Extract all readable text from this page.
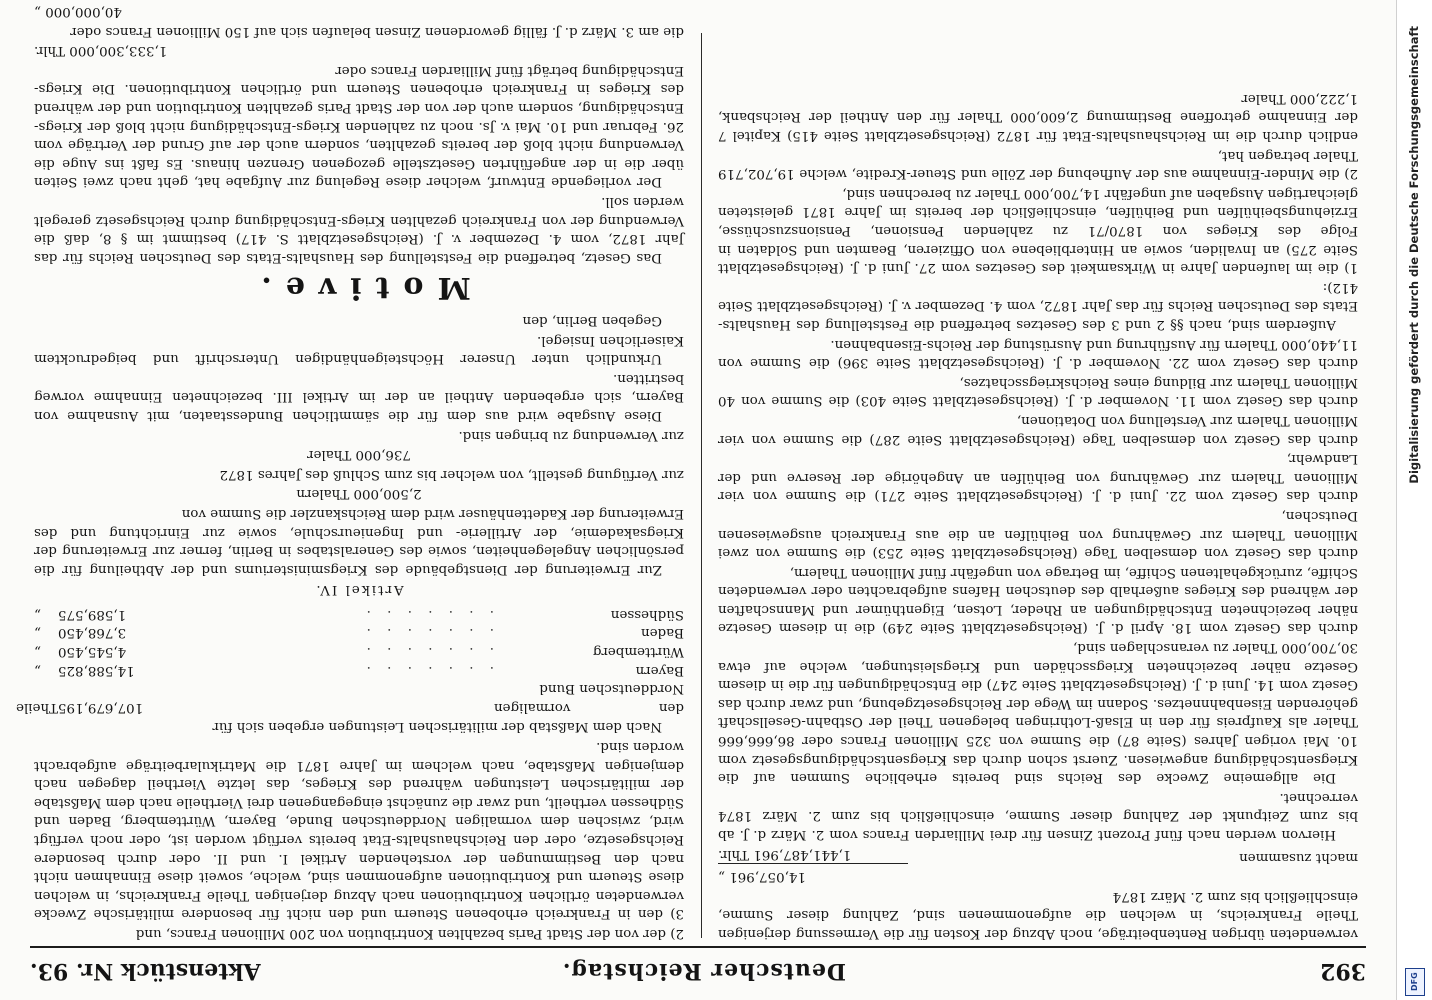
392
Deutscher Reichstag.
Aktenstück Nr. 93.

2) der von der Stadt Paris bezahlten Kontribution von 200 Millionen Francs, und

3) den in Frankreich erhobenen Steuern und den nicht für besondere militärische Zwecke verwendeten örtlichen Kontributionen nach Abzug derjenigen Theile Frankreichs, in welchen diese Steuern und Kontributionen aufgenommen sind, welche, soweit diese Einnahmen nicht nach den Bestimmungen der vorstehenden Artikel I. und II. oder durch besondere Reichsgesetze, oder den Reichshaushalts-Etat bereits verfügt worden ist, oder noch verfügt wird, zwischen dem vormaligen Norddeutschen Bunde, Bayern, Württemberg, Baden und Südhessen vertheilt, und zwar die zunächst eingegangenen drei Viertheile nach dem Maßstabe der militärischen Leistungen während des Krieges, das letzte Viertheil dagegen nach demjenigen Maßstabe, nach welchem im Jahre 1871 die Matrikularbeiträge aufgebracht worden sind.

Nach dem Maßstab der militärischen Leistungen ergeben sich für

den vormaligen Norddeutschen Bund
107,679,195
Theile
Bayern
. . . . . . .
14,588,825
„
Württemberg
. . . . . . .
4,545,450
„
Baden
. . . . . . .
3,768,450
„
Südhessen
. . . . . . .
1,589,575
„

Artikel IV.

Zur Erweiterung der Dienstgebäude des Kriegsministeriums und der Abtheilung für die persönlichen Angelegenheiten, sowie des Generalstabes in Berlin, ferner zur Erweiterung der Kriegsakademie, der Artillerie- und Ingenieurschule, sowie zur Einrichtung und des Erweiterung der Kadettenhäuser wird dem Reichskanzler die Summe von

2,500,000 Thalern

zur Verfügung gestellt, von welcher bis zum Schluß des Jahres 1872

736,000 Thaler

zur Verwendung zu bringen sind.

Diese Ausgabe wird aus dem für die sämmtlichen Bundesstaaten, mit Ausnahme von Bayern, sich ergebenden Antheil an der im Artikel III. bezeichneten Einnahme vorweg bestritten.

Urkundlich unter Unserer Höchsteigenhändigen Unterschrift und beigedrucktem Kaiserlichen Insiegel.

Gegeben Berlin, den

Motive.

Das Gesetz, betreffend die Feststellung des Haushalts-Etats des Deutschen Reichs für das Jahr 1872, vom 4. Dezember v. J. (Reichsgesetzblatt S. 417) bestimmt im § 8, daß die Verwendung der von Frankreich gezahlten Kriegs-Entschädigung durch Reichsgesetz geregelt werden soll.

Der vorliegende Entwurf, welcher diese Regelung zur Aufgabe hat, geht nach zwei Seiten über die in der angeführten Gesetzstelle gezogenen Grenzen hinaus. Es faßt ins Auge die Verwendung nicht bloß der bereits gezahlten, sondern auch der auf Grund der Verträge vom 26. Februar und 10. Mai v. Js. noch zu zahlenden Kriegs-Entschädigung nicht bloß der Kriegs-Entschädigung, sondern auch der von der Stadt Paris gezahlten Kontribution und der während des Krieges in Frankreich erhobenen Steuern und örtlichen Kontributionen. Die Kriegs-Entschädigung beträgt fünf Milliarden Francs oder

1,333,300,000 Thlr.

die am 3. März d. J. fällig gewordenen Zinsen belaufen sich auf 150 Millionen Francs oder

40,000,000 „

verwendeten übrigen Rentenbeiträge, noch Abzug der Kosten für die Vermessung derjenigen Theile Frankreichs, in welchen die aufgenommenen sind, Zahlung dieser Summe, einschließlich bis zum 2. März 1874

14,057,961 „

macht zusammen
1,441,487,961 Thlr.

Hiervon werden nach fünf Prozent Zinsen für drei Milliarden Francs vom 2. März d. J. ab bis zum Zeitpunkt der Zahlung dieser Summe, einschließlich bis zum 2. März 1874 verrechnet.

Die allgemeine Zwecke des Reichs sind bereits erhebliche Summen auf die Kriegsentschädigung angewiesen. Zuerst schon durch das Kriegsentschädigungsgesetz vom 10. Mai vorigen Jahres (Seite 87) die Summe von 325 Millionen Francs oder 86,666,666 Thaler als Kaufpreis für den in Elsaß-Lothringen belegenen Theil der Ostbahn-Gesellschaft gehörenden Eisenbahnnetzes. Sodann im Wege der Reichsgesetzgebung, und zwar durch das Gesetz vom 14. Juni d. J. (Reichsgesetzblatt Seite 247) die Entschädigungen für die in diesem Gesetze näher bezeichneten Kriegsschäden und Kriegsleistungen, welche auf etwa 30,700,000 Thaler zu veranschlagen sind,

durch das Gesetz vom 18. April d. J. (Reichsgesetzblatt Seite 249) die in diesem Gesetze näher bezeichneten Entschädigungen an Rheder, Lotsen, Eigenthümer und Mannschaften der während des Krieges außerhalb des deutschen Hafens aufgebrachten oder verwendeten Schiffe, zurückgehaltenen Schiffe, im Betrage von ungefähr fünf Millionen Thalern,

durch das Gesetz von demselben Tage (Reichsgesetzblatt Seite 253) die Summe von zwei Millionen Thalern zur Gewährung von Beihülfen an die aus Frankreich ausgewiesenen Deutschen,

durch das Gesetz vom 22. Juni d. J. (Reichsgesetzblatt Seite 271) die Summe von vier Millionen Thalern zur Gewährung von Beihülfen an Angehörige der Reserve und der Landwehr,

durch das Gesetz von demselben Tage (Reichsgesetzblatt Seite 287) die Summe von vier Millionen Thalern zur Verstellung von Dotationen,

durch das Gesetz vom 11. November d. J. (Reichsgesetzblatt Seite 403) die Summe von 40 Millionen Thalern zur Bildung eines Reichskriegsschatzes,

durch das Gesetz vom 22. November d. J. (Reichsgesetzblatt Seite 396) die Summe von 11,440,000 Thalern für Ausführung und Ausrüstung der Reichs-Eisenbahnen.

Außerdem sind, nach §§ 2 und 3 des Gesetzes betreffend die Feststellung des Haushalts-Etats des Deutschen Reichs für das Jahr 1872, vom 4. Dezember v. J. (Reichsgesetzblatt Seite 412):

1) die im laufenden Jahre in Wirksamkeit des Gesetzes vom 27. Juni d. J. (Reichsgesetzblatt Seite 275) an Invaliden, sowie an Hinterbliebene von Offizieren, Beamten und Soldaten in Folge des Krieges von 1870/71 zu zahlenden Pensionen, Pensionszuschüsse, Erziehungsbeihülfen und Beihülfen, einschließlich der bereits im Jahre 1871 geleisteten gleichartigen Ausgaben auf ungefähr 14,700,000 Thaler zu berechnen sind,

2) die Minder-Einnahme aus der Aufhebung der Zölle und Steuer-Kredite, welche 19,702,719 Thaler betragen hat,

endlich durch die im Reichshaushalts-Etat für 1872 (Reichsgesetzblatt Seite 415) Kapitel 7 der Einnahme getroffene Bestimmung 2,600,000 Thaler für den Antheil der Reichsbank, 1,222,000 Thaler	Digitalisierung gefördert durch die Deutsche Forschungsgemeinschaft
DFG
